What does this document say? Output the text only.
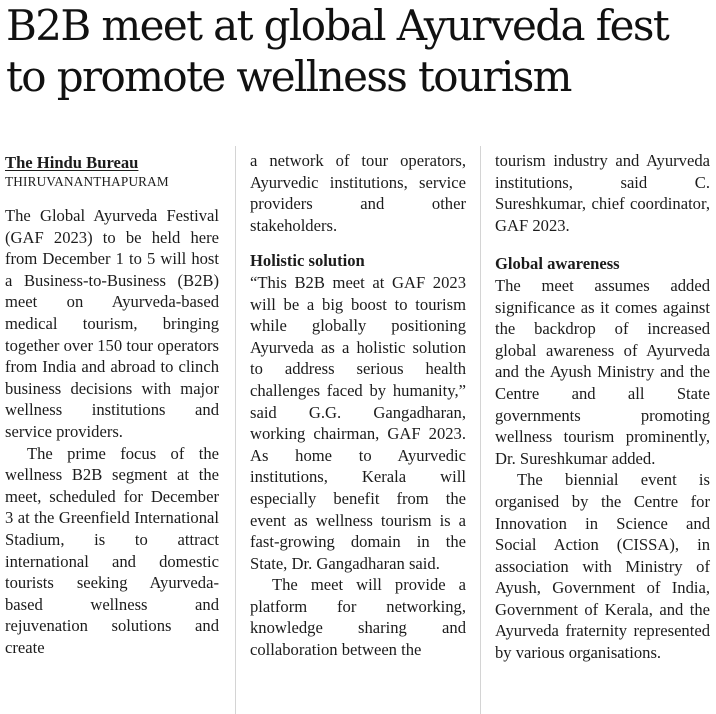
B2B meet at global Ayurveda fest
to promote wellness tourism
The Hindu Bureau
THIRUVANANTHAPURAM

The Global Ayurveda Festival (GAF 2023) to be held here from December 1 to 5 will host a Business-to-Business (B2B) meet on Ayurveda-based medical tourism, bringing together over 150 tour operators from India and abroad to clinch business decisions with major wellness institutions and service providers.

The prime focus of the wellness B2B segment at the meet, scheduled for December 3 at the Greenfield International Stadium, is to attract international and domestic tourists seeking Ayurveda-based wellness and rejuvenation solutions and create

a network of tour operators, Ayurvedic institutions, service providers and other stakeholders.

Holistic solution

“This B2B meet at GAF 2023 will be a big boost to tourism while globally positioning Ayurveda as a holistic solution to address serious health challenges faced by humanity,” said G.G. Gangadharan, working chairman, GAF 2023. As home to Ayurvedic institutions, Kerala will especially benefit from the event as wellness tourism is a fast-growing domain in the State, Dr. Gangadharan said.

The meet will provide a platform for networking, knowledge sharing and collaboration between the

tourism industry and Ayurveda institutions, said C. Sureshkumar, chief coordinator, GAF 2023.

Global awareness

The meet assumes added significance as it comes against the backdrop of increased global awareness of Ayurveda and the Ayush Ministry and the Centre and all State governments promoting wellness tourism prominently, Dr. Sureshkumar added.

The biennial event is organised by the Centre for Innovation in Science and Social Action (CISSA), in association with Ministry of Ayush, Government of India, Government of Kerala, and the Ayurveda fraternity represented by various organisations.
